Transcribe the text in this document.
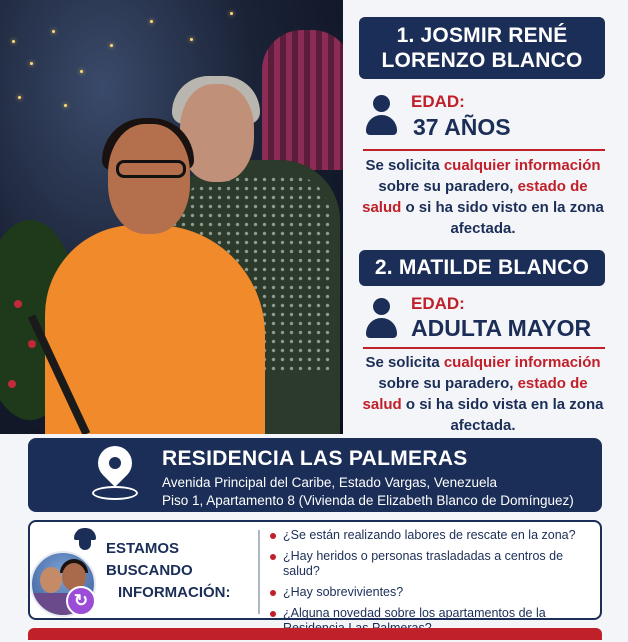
1. JOSMIR RENÉ
LORENZO BLANCO
EDAD:
37 AÑOS
Se solicita cualquier información sobre su paradero, estado de salud o si ha sido visto en la zona afectada.
2. MATILDE BLANCO
EDAD:
ADULTA MAYOR
Se solicita cualquier información sobre su paradero, estado de salud o si ha sido vista en la zona afectada.
RESIDENCIA LAS PALMERAS
Avenida Principal del Caribe, Estado Vargas, Venezuela
Piso 1, Apartamento 8 (Vivienda de Elizabeth Blanco de Domínguez)
ESTAMOS
BUSCANDO
INFORMACIÓN:
¿Se están realizando labores de rescate en la zona?
¿Hay heridos o personas trasladadas a centros de salud?
¿Hay sobrevivientes?
¿Alguna novedad sobre los apartamentos de la
↻
